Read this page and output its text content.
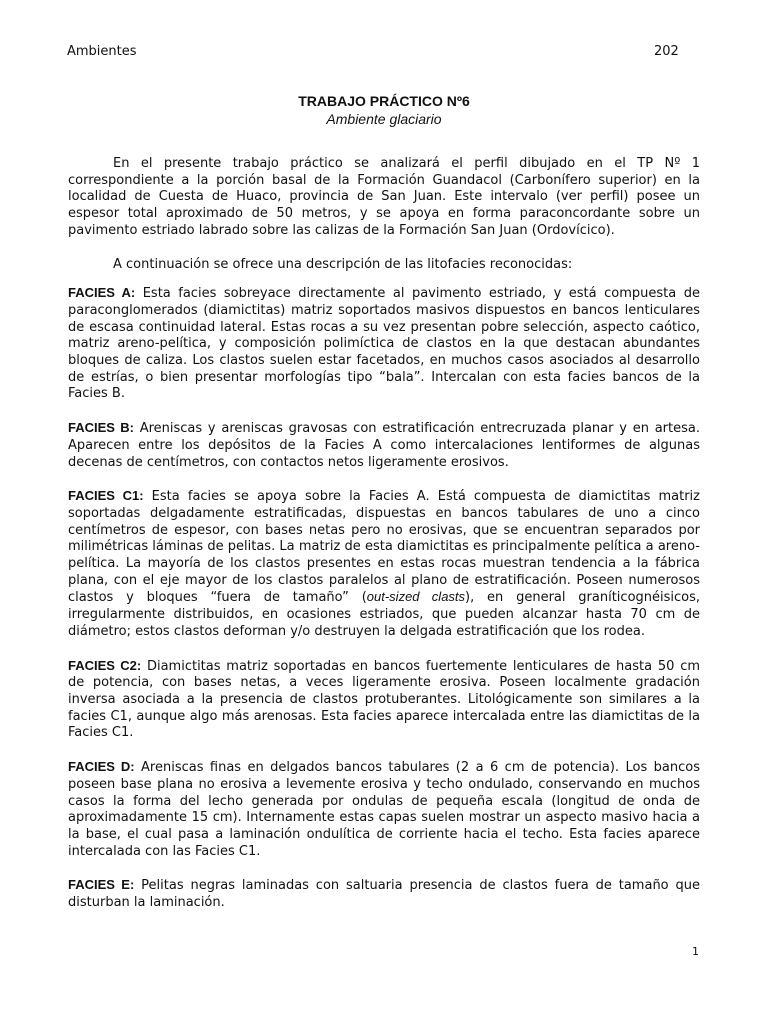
Ambientes	202
TRABAJO PRÁCTICO Nº6
Ambiente glaciario

En el presente trabajo práctico se analizará el perfil dibujado en el TP Nº 1 correspondiente a la porción basal de la Formación Guandacol (Carbonífero superior) en la localidad de Cuesta de Huaco, provincia de San Juan. Este intervalo (ver perfil) posee un espesor total aproximado de 50 metros, y se apoya en forma paraconcordante sobre un pavimento estriado labrado sobre las calizas de la Formación San Juan (Ordovícico).

A continuación se ofrece una descripción de las litofacies reconocidas:

FACIES A: Esta facies sobreyace directamente al pavimento estriado, y está compuesta de paraconglomerados (diamictitas) matriz soportados masivos dispuestos en bancos lenticulares de escasa continuidad lateral. Estas rocas a su vez presentan pobre selección, aspecto caótico, matriz areno-pelítica, y composición polimíctica de clastos en la que destacan abundantes bloques de caliza. Los clastos suelen estar facetados, en muchos casos asociados al desarrollo de estrías, o bien presentar morfologías tipo “bala”. Intercalan con esta facies bancos de la Facies B.

FACIES B: Areniscas y areniscas gravosas con estratificación entrecruzada planar y en artesa. Aparecen entre los depósitos de la Facies A como intercalaciones lentiformes de algunas decenas de centímetros, con contactos netos ligeramente erosivos.

FACIES C1: Esta facies se apoya sobre la Facies A. Está compuesta de diamictitas matriz soportadas delgadamente estratificadas, dispuestas en bancos tabulares de uno a cinco centímetros de espesor, con bases netas pero no erosivas, que se encuentran separados por milimétricas láminas de pelitas. La matriz de esta diamictitas es principalmente pelítica a areno-pelítica. La mayoría de los clastos presentes en estas rocas muestran tendencia a la fábrica plana, con el eje mayor de los clastos paralelos al plano de estratificación. Poseen numerosos clastos y bloques “fuera de tamaño” (out-sized clasts), en general graníticognéisicos, irregularmente distribuidos, en ocasiones estriados, que pueden alcanzar hasta 70 cm de diámetro; estos clastos deforman y/o destruyen la delgada estratificación que los rodea.

FACIES C2: Diamictitas matriz soportadas en bancos fuertemente lenticulares de hasta 50 cm de potencia, con bases netas, a veces ligeramente erosiva. Poseen localmente gradación inversa asociada a la presencia de clastos protuberantes. Litológicamente son similares a la facies C1, aunque algo más arenosas. Esta facies aparece intercalada entre las diamictitas de la Facies C1.

FACIES D: Areniscas finas en delgados bancos tabulares (2 a 6 cm de potencia). Los bancos poseen base plana no erosiva a levemente erosiva y techo ondulado, conservando en muchos casos la forma del lecho generada por ondulas de pequeña escala (longitud de onda de aproximadamente 15 cm). Internamente estas capas suelen mostrar un aspecto masivo hacia a la base, el cual pasa a laminación ondulítica de corriente hacia el techo. Esta facies aparece intercalada con las Facies C1.

FACIES E: Pelitas negras laminadas con saltuaria presencia de clastos fuera de tamaño que disturban la laminación.

1
